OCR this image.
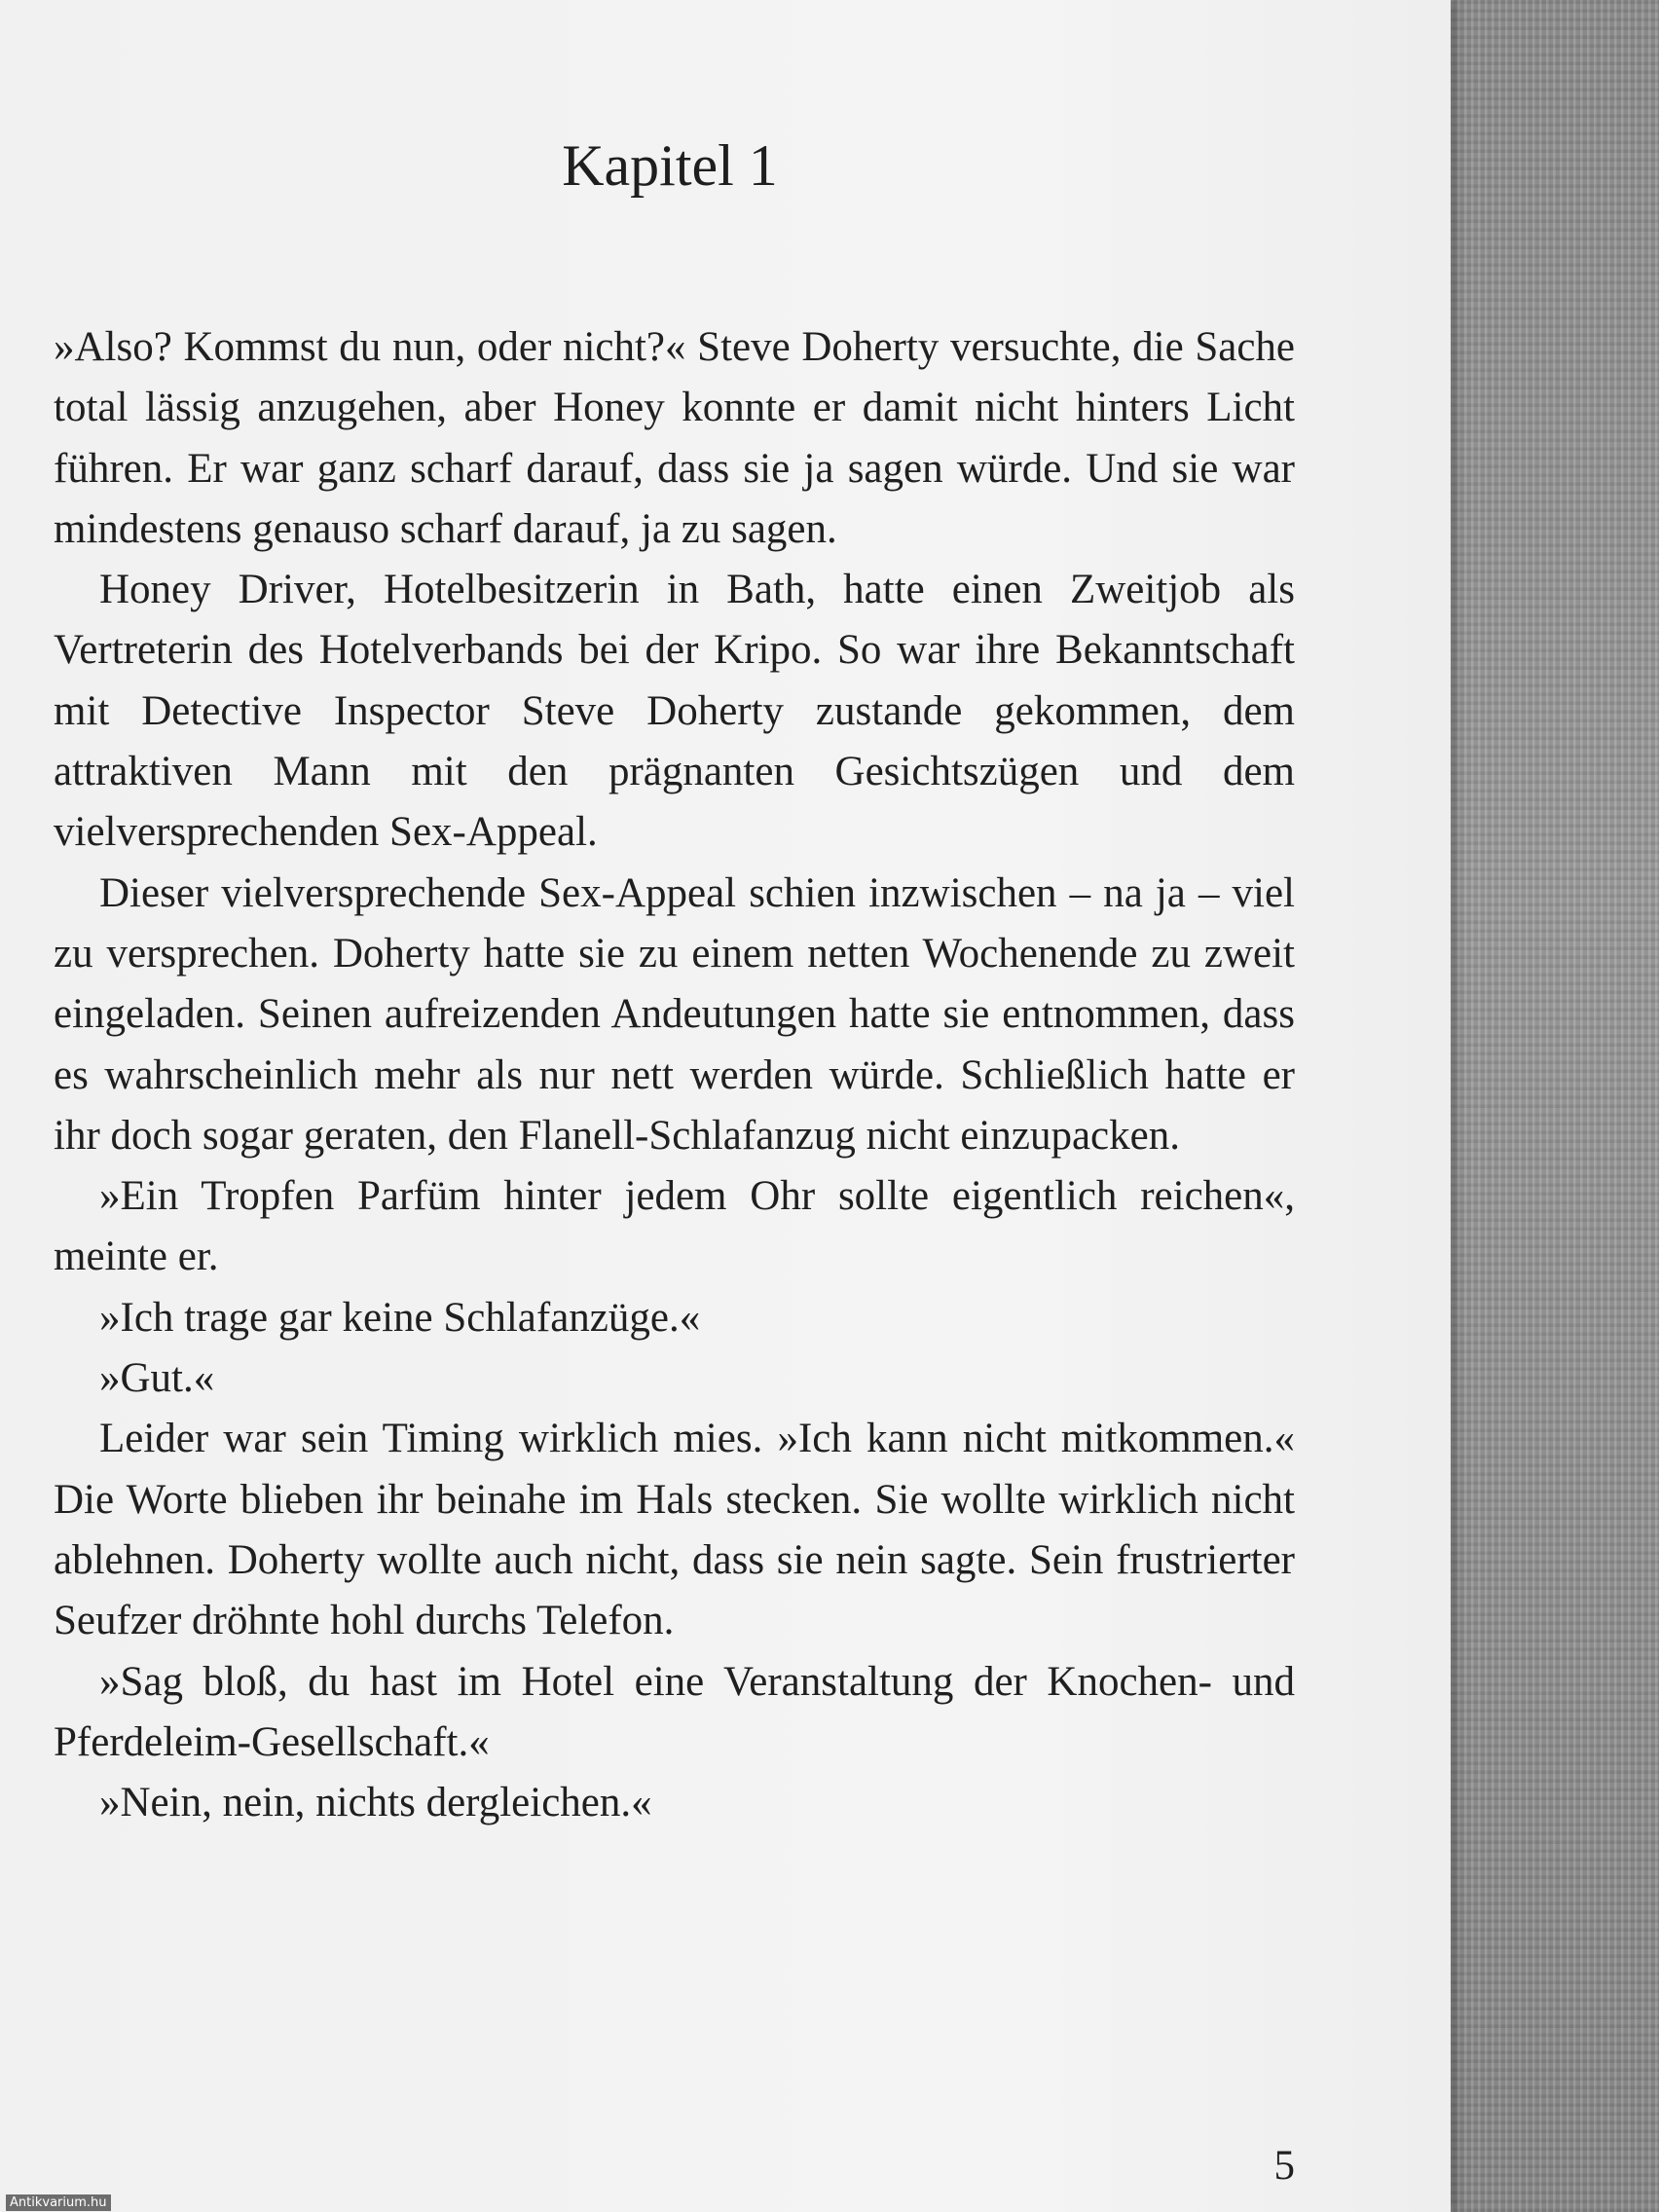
Kapitel 1

»Also? Kommst du nun, oder nicht?« Steve Doherty versuchte, die Sache total lässig anzugehen, aber Honey konnte er damit nicht hinters Licht führen. Er war ganz scharf darauf, dass sie ja sagen würde. Und sie war mindestens genauso scharf darauf, ja zu sagen.

Honey Driver, Hotelbesitzerin in Bath, hatte einen Zweitjob als Vertreterin des Hotelverbands bei der Kripo. So war ihre Bekanntschaft mit Detective Inspector Steve Doherty zustande gekommen, dem attraktiven Mann mit den prägnanten Gesichtszügen und dem vielversprechenden Sex-Appeal.

Dieser vielversprechende Sex-Appeal schien inzwischen – na ja – viel zu versprechen. Doherty hatte sie zu einem netten Wochenende zu zweit eingeladen. Seinen aufreizenden Andeutungen hatte sie entnommen, dass es wahrscheinlich mehr als nur nett werden würde. Schließlich hatte er ihr doch sogar geraten, den Flanell-Schlafanzug nicht einzupacken.

»Ein Tropfen Parfüm hinter jedem Ohr sollte eigentlich reichen«, meinte er.

»Ich trage gar keine Schlafanzüge.«

»Gut.«

Leider war sein Timing wirklich mies. »Ich kann nicht mitkommen.« Die Worte blieben ihr beinahe im Hals stecken. Sie wollte wirklich nicht ablehnen. Doherty wollte auch nicht, dass sie nein sagte. Sein frustrierter Seufzer dröhnte hohl durchs Telefon.

»Sag bloß, du hast im Hotel eine Veranstaltung der Knochen- und Pferdeleim-Gesellschaft.«

»Nein, nein, nichts dergleichen.«

5
Antikvarium.hu
